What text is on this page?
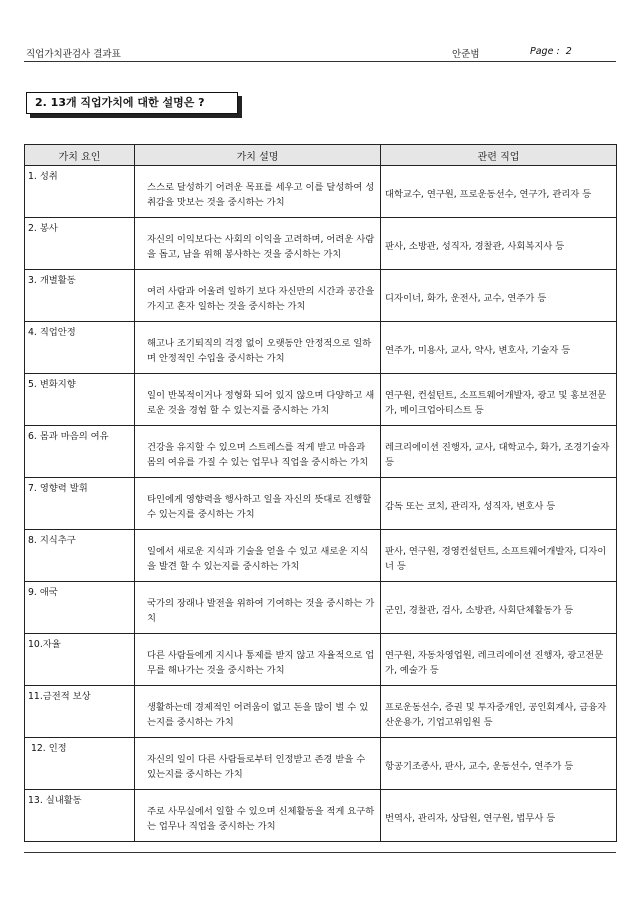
직업가치관검사 결과표	안준범	Page : 2
2. 13개 직업가치에 대한 설명은 ?
가치 요인	가치 설명	관련 직업
1. 성취	스스로 달성하기 어려운 목표를 세우고 이를 달성하여 성취감을 맛보는 것을 중시하는 가치	대학교수, 연구원, 프로운동선수, 연구가, 관리자 등
2. 봉사	자신의 이익보다는 사회의 이익을 고려하며, 어려운 사람을 돕고, 남을 위해 봉사하는 것을 중시하는 가치	판사, 소방관, 성직자, 경찰관, 사회복지사 등
3. 개별활동	여러 사람과 어울려 일하기 보다 자신만의 시간과 공간을 가지고 혼자 일하는 것을 중시하는 가치	디자이너, 화가, 운전사, 교수, 연주가 등
4. 직업안정	해고나 조기퇴직의 걱정 없이 오랫동안 안정적으로 일하며 안정적인 수입을 중시하는 가치	연주가, 미용사, 교사, 약사, 변호사, 기술자 등
5. 변화지향	일이 반복적이거나 정형화 되어 있지 않으며 다양하고 새로운 것을 경험 할 수 있는지를 중시하는 가치	연구원, 컨설턴트, 소프트웨어개발자, 광고 및 홍보전문가, 메이크업아티스트 등
6. 몸과 마음의 여유	건강을 유지할 수 있으며 스트레스를 적게 받고 마음과 몸의 여유를 가질 수 있는 업무나 직업을 중시하는 가치	레크리에이션 진행자, 교사, 대학교수, 화가, 조경기술자 등
7. 영향력 발휘	타인에게 영향력을 행사하고 일을 자신의 뜻대로 진행할 수 있는지를 중시하는 가치	감독 또는 코치, 관리자, 성직자, 변호사 등
8. 지식추구	일에서 새로운 지식과 기술을 얻을 수 있고 새로운 지식을 발견 할 수 있는지를 중시하는 가치	판사, 연구원, 경영컨설턴트, 소프트웨어개발자, 디자이너 등
9. 애국	국가의 장래나 발전을 위하여 기여하는 것을 중시하는 가치	군인, 경찰관, 검사, 소방관, 사회단체활동가 등
10.자율	다른 사람들에게 지시나 통제를 받지 않고 자율적으로 업무를 해나가는 것을 중시하는 가치	연구원, 자동차영업원, 레크리에이션 진행자, 광고전문가, 예술가 등
11.금전적 보상	생활하는데 경제적인 어려움이 없고 돈을 많이 벌 수 있는지를 중시하는 가치	프로운동선수, 증권 및 투자중개인, 공인회계사, 금융자산운용가, 기업고위임원 등
12. 인정	자신의 일이 다른 사람들로부터 인정받고 존경 받을 수 있는지를 중시하는 가치	항공기조종사, 판사, 교수, 운동선수, 연주가 등
13. 실내활동	주로 사무실에서 일할 수 있으며 신체활동을 적게 요구하는 업무나 직업을 중시하는 가치	번역사, 관리자, 상담원, 연구원, 법무사 등
